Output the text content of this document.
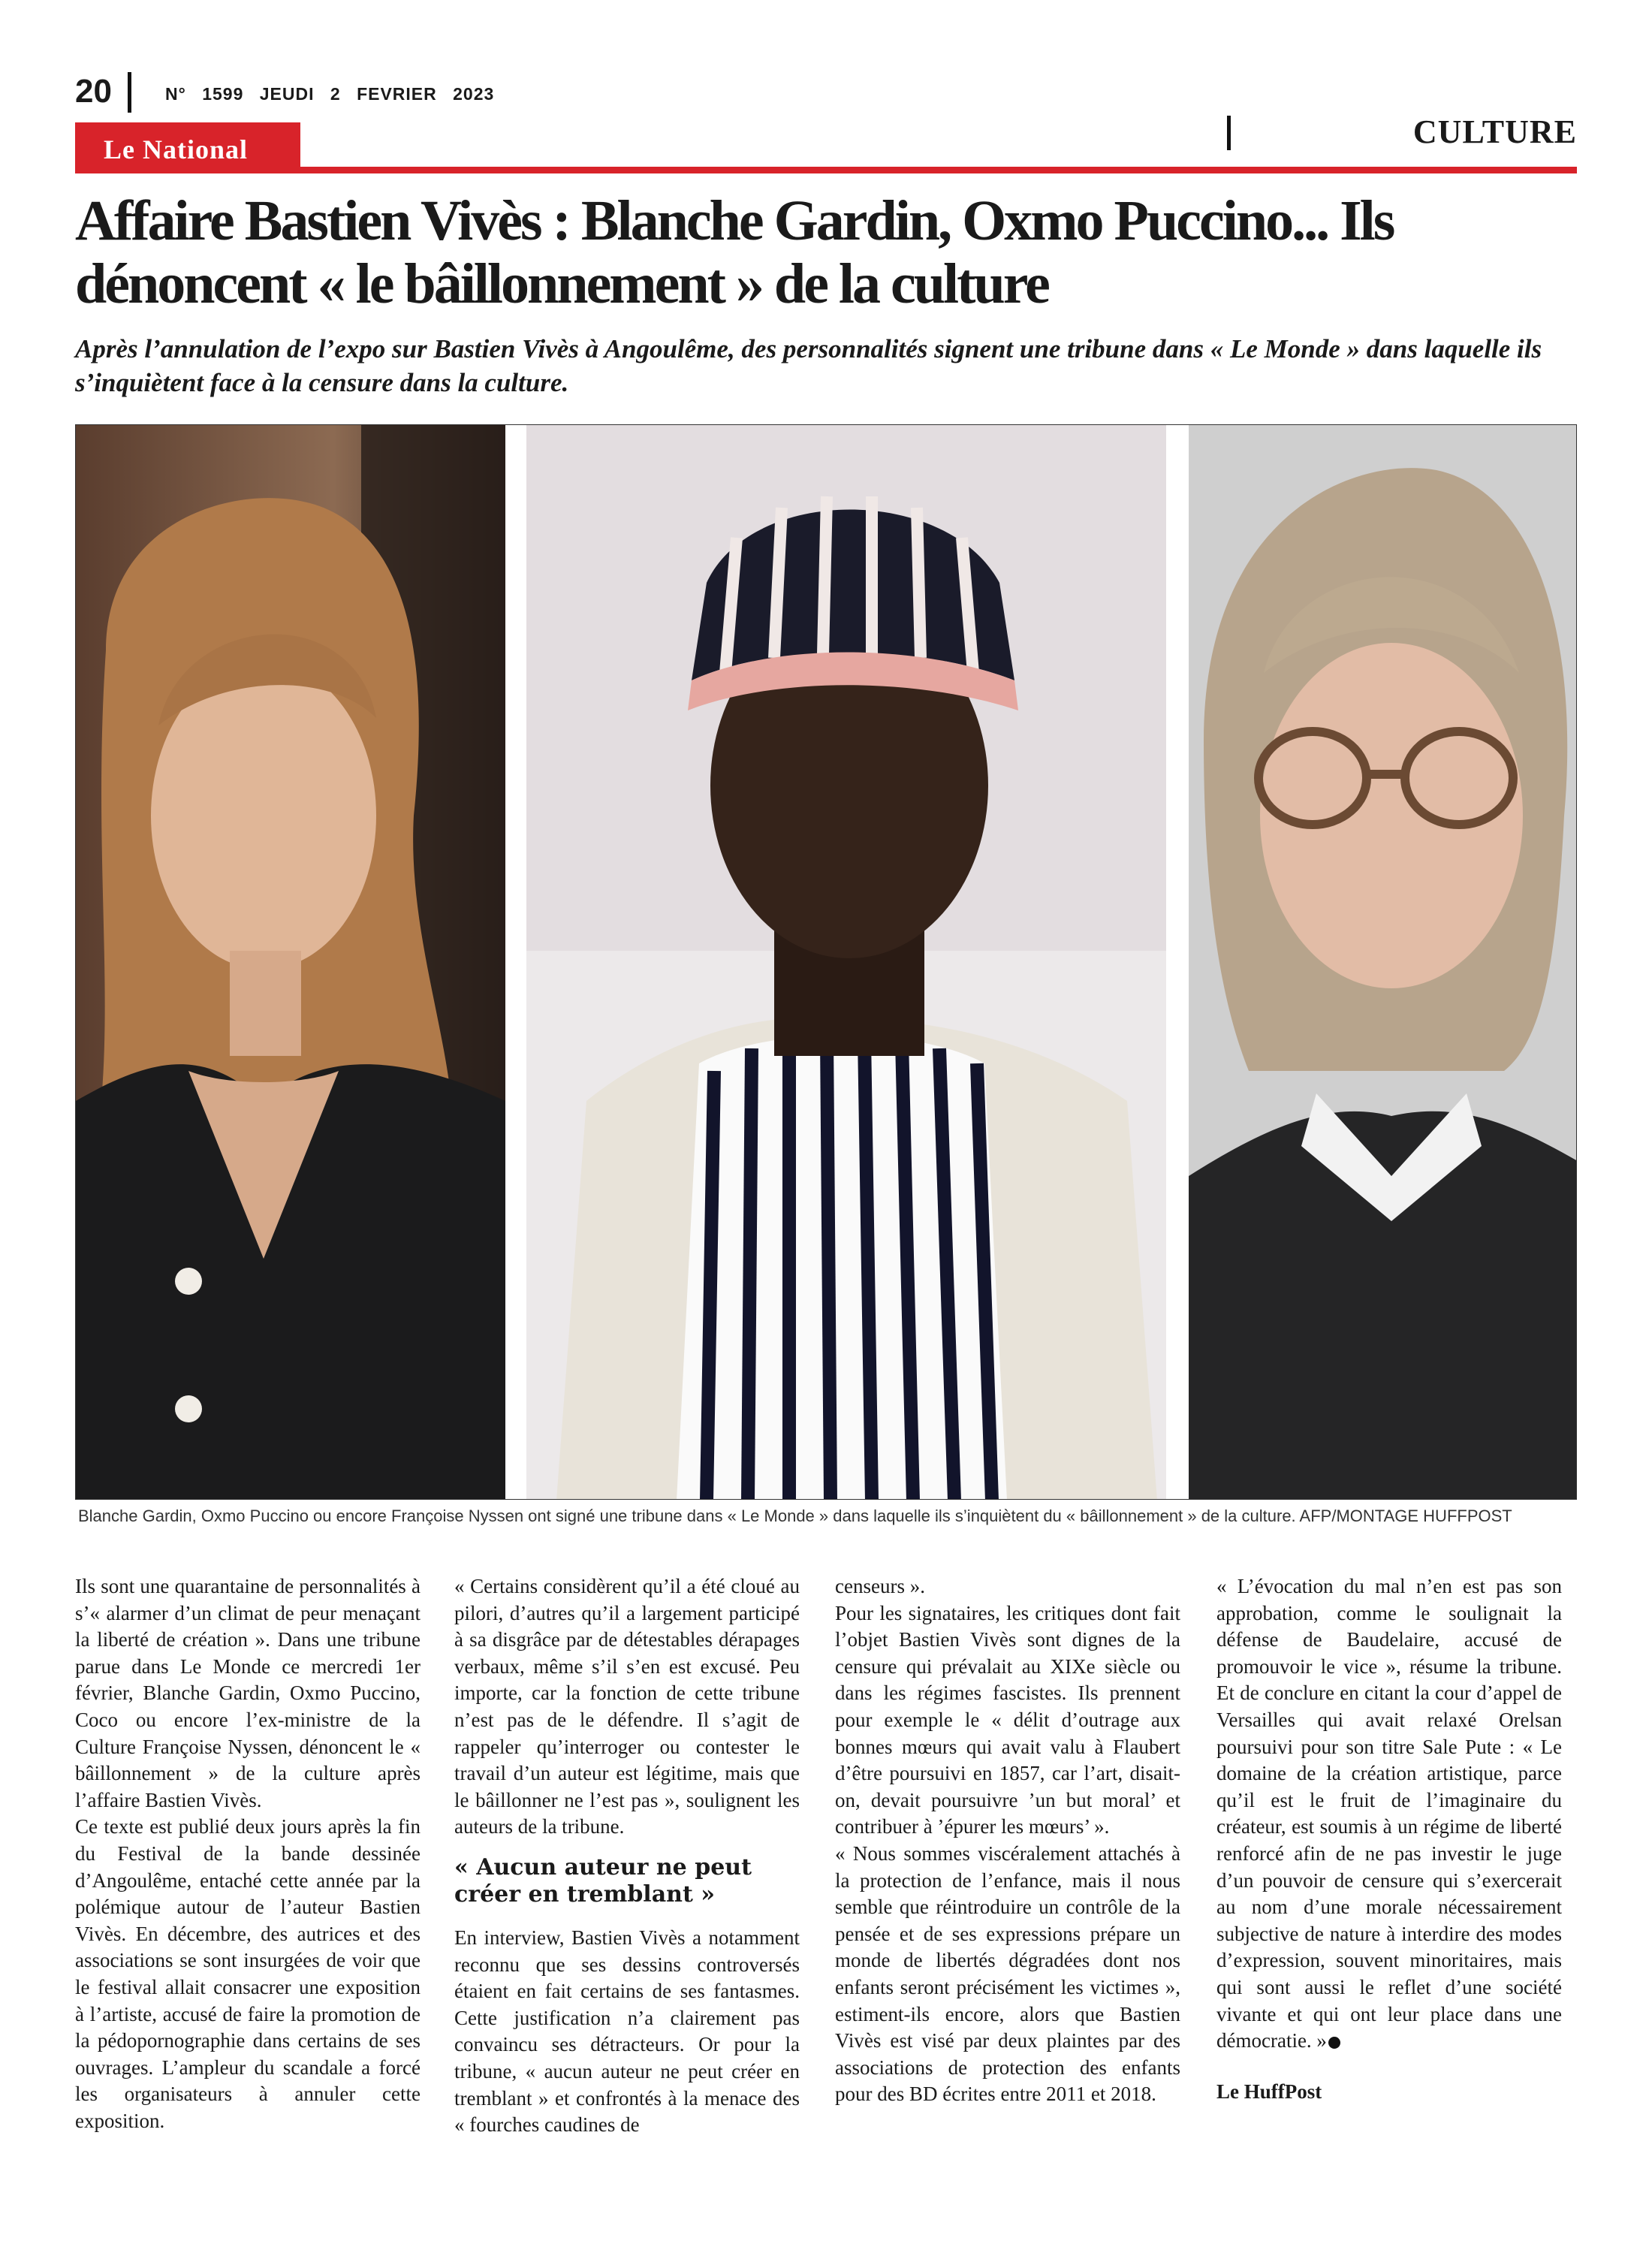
20	N° 1599 JEUDI 2 FEVRIER 2023
Le National	CULTURE
Affaire Bastien Vivès : Blanche Gardin, Oxmo Puccino... Ils dénoncent « le bâillonnement » de la culture
Après l’annulation de l’expo sur Bastien Vivès à Angoulême, des personnalités signent une tribune dans « Le Monde » dans laquelle ils s’inquiètent face à la censure dans la culture.
Blanche Gardin, Oxmo Puccino ou encore Françoise Nyssen ont signé une tribune dans « Le Monde » dans laquelle ils s’inquiètent du « bâillonnement » de la culture. AFP/MONTAGE HUFFPOST

Ils sont une quarantaine de personnalités à s’« alarmer d’un climat de peur menaçant la liberté de création ». Dans une tribune parue dans Le Monde ce mercredi 1er février, Blanche Gardin, Oxmo Puccino, Coco ou encore l’ex-ministre de la Culture Françoise Nyssen, dénoncent le « bâillonnement » de la culture après l’affaire Bastien Vivès.

Ce texte est publié deux jours après la fin du Festival de la bande dessinée d’Angoulême, entaché cette année par la polémique autour de l’auteur Bastien Vivès. En décembre, des autrices et des associations se sont insurgées de voir que le festival allait consacrer une exposition à l’artiste, accusé de faire la promotion de la pédopornographie dans certains de ses ouvrages. L’ampleur du scandale a forcé les organisateurs à annuler cette exposition.

« Certains considèrent qu’il a été cloué au pilori, d’autres qu’il a largement participé à sa disgrâce par de détestables dérapages verbaux, même s’il s’en est excusé. Peu importe, car la fonction de cette tribune n’est pas de le défendre. Il s’agit de rappeler qu’interroger ou contester le travail d’un auteur est légitime, mais que le bâillonner ne l’est pas », soulignent les auteurs de la tribune.

« Aucun auteur ne peut créer en tremblant »

En interview, Bastien Vivès a notamment reconnu que ses dessins controversés étaient en fait certains de ses fantasmes. Cette justification n’a clairement pas convaincu ses détracteurs. Or pour la tribune, « aucun auteur ne peut créer en tremblant » et confrontés à la menace des « fourches caudines de

censeurs ».

Pour les signataires, les critiques dont fait l’objet Bastien Vivès sont dignes de la censure qui prévalait au XIXe siècle ou dans les régimes fascistes. Ils prennent pour exemple le « délit d’outrage aux bonnes mœurs qui avait valu à Flaubert d’être poursuivi en 1857, car l’art, disait-on, devait poursuivre ’un but moral’ et contribuer à ’épurer les mœurs’ ».

« Nous sommes viscéralement attachés à la protection de l’enfance, mais il nous semble que réintroduire un contrôle de la pensée et de ses expressions prépare un monde de libertés dégradées dont nos enfants seront précisément les victimes », estiment-ils encore, alors que Bastien Vivès est visé par deux plaintes par des associations de protection des enfants pour des BD écrites entre 2011 et 2018.

« L’évocation du mal n’en est pas son approbation, comme le soulignait la défense de Baudelaire, accusé de promouvoir le vice », résume la tribune. Et de conclure en citant la cour d’appel de Versailles qui avait relaxé Orelsan poursuivi pour son titre Sale Pute : « Le domaine de la création artistique, parce qu’il est le fruit de l’imaginaire du créateur, est soumis à un régime de liberté renforcé afin de ne pas investir le juge d’un pouvoir de censure qui s’exercerait au nom d’une morale nécessairement subjective de nature à interdire des modes d’expression, souvent minoritaires, mais qui sont aussi le reflet d’une société vivante et qui ont leur place dans une démocratie. »

Le HuffPost
